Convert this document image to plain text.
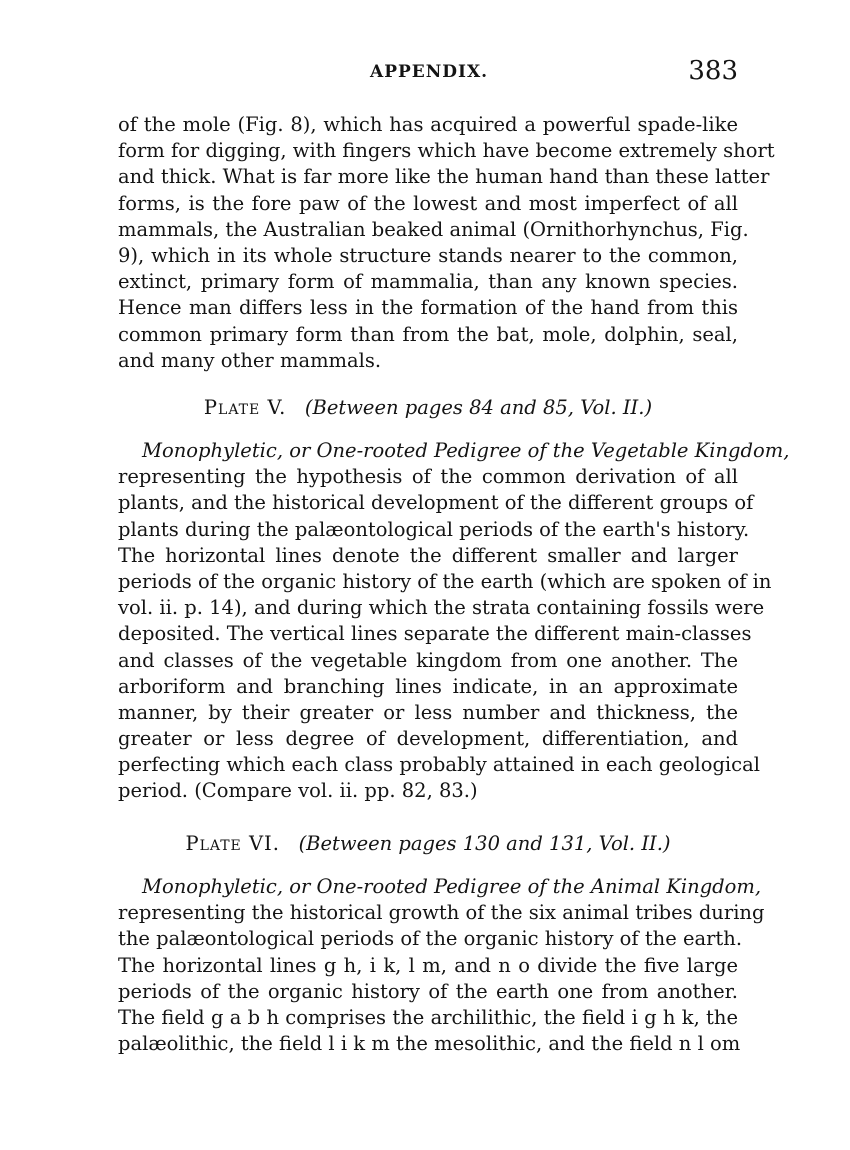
APPENDIX.	383
of the mole (Fig. 8), which has acquired a powerful spade-like
form for digging, with fingers which have become extremely short
and thick. What is far more like the human hand than these latter
forms, is the fore paw of the lowest and most imperfect of all
mammals, the Australian beaked animal (Ornithorhynchus, Fig.
9), which in its whole structure stands nearer to the common,
extinct, primary form of mammalia, than any known species.
Hence man differs less in the formation of the hand from this
common primary form than from the bat, mole, dolphin, seal,
and many other mammals.
Plate V. (Between pages 84 and 85, Vol. II.)
Monophyletic, or One-rooted Pedigree of the Vegetable Kingdom,
representing the hypothesis of the common derivation of all
plants, and the historical development of the different groups of
plants during the palæontological periods of the earth's history.
The horizontal lines denote the different smaller and larger
periods of the organic history of the earth (which are spoken of in
vol. ii. p. 14), and during which the strata containing fossils were
deposited. The vertical lines separate the different main-classes
and classes of the vegetable kingdom from one another. The
arboriform and branching lines indicate, in an approximate
manner, by their greater or less number and thickness, the
greater or less degree of development, differentiation, and
perfecting which each class probably attained in each geological
period. (Compare vol. ii. pp. 82, 83.)
Plate VI. (Between pages 130 and 131, Vol. II.)
Monophyletic, or One-rooted Pedigree of the Animal Kingdom,
representing the historical growth of the six animal tribes during
the palæontological periods of the organic history of the earth.
The horizontal lines g h, i k, l m, and n o divide the five large
periods of the organic history of the earth one from another.
The field g a b h comprises the archilithic, the field i g h k, the
palæolithic, the field l i k m the mesolithic, and the field n l om
